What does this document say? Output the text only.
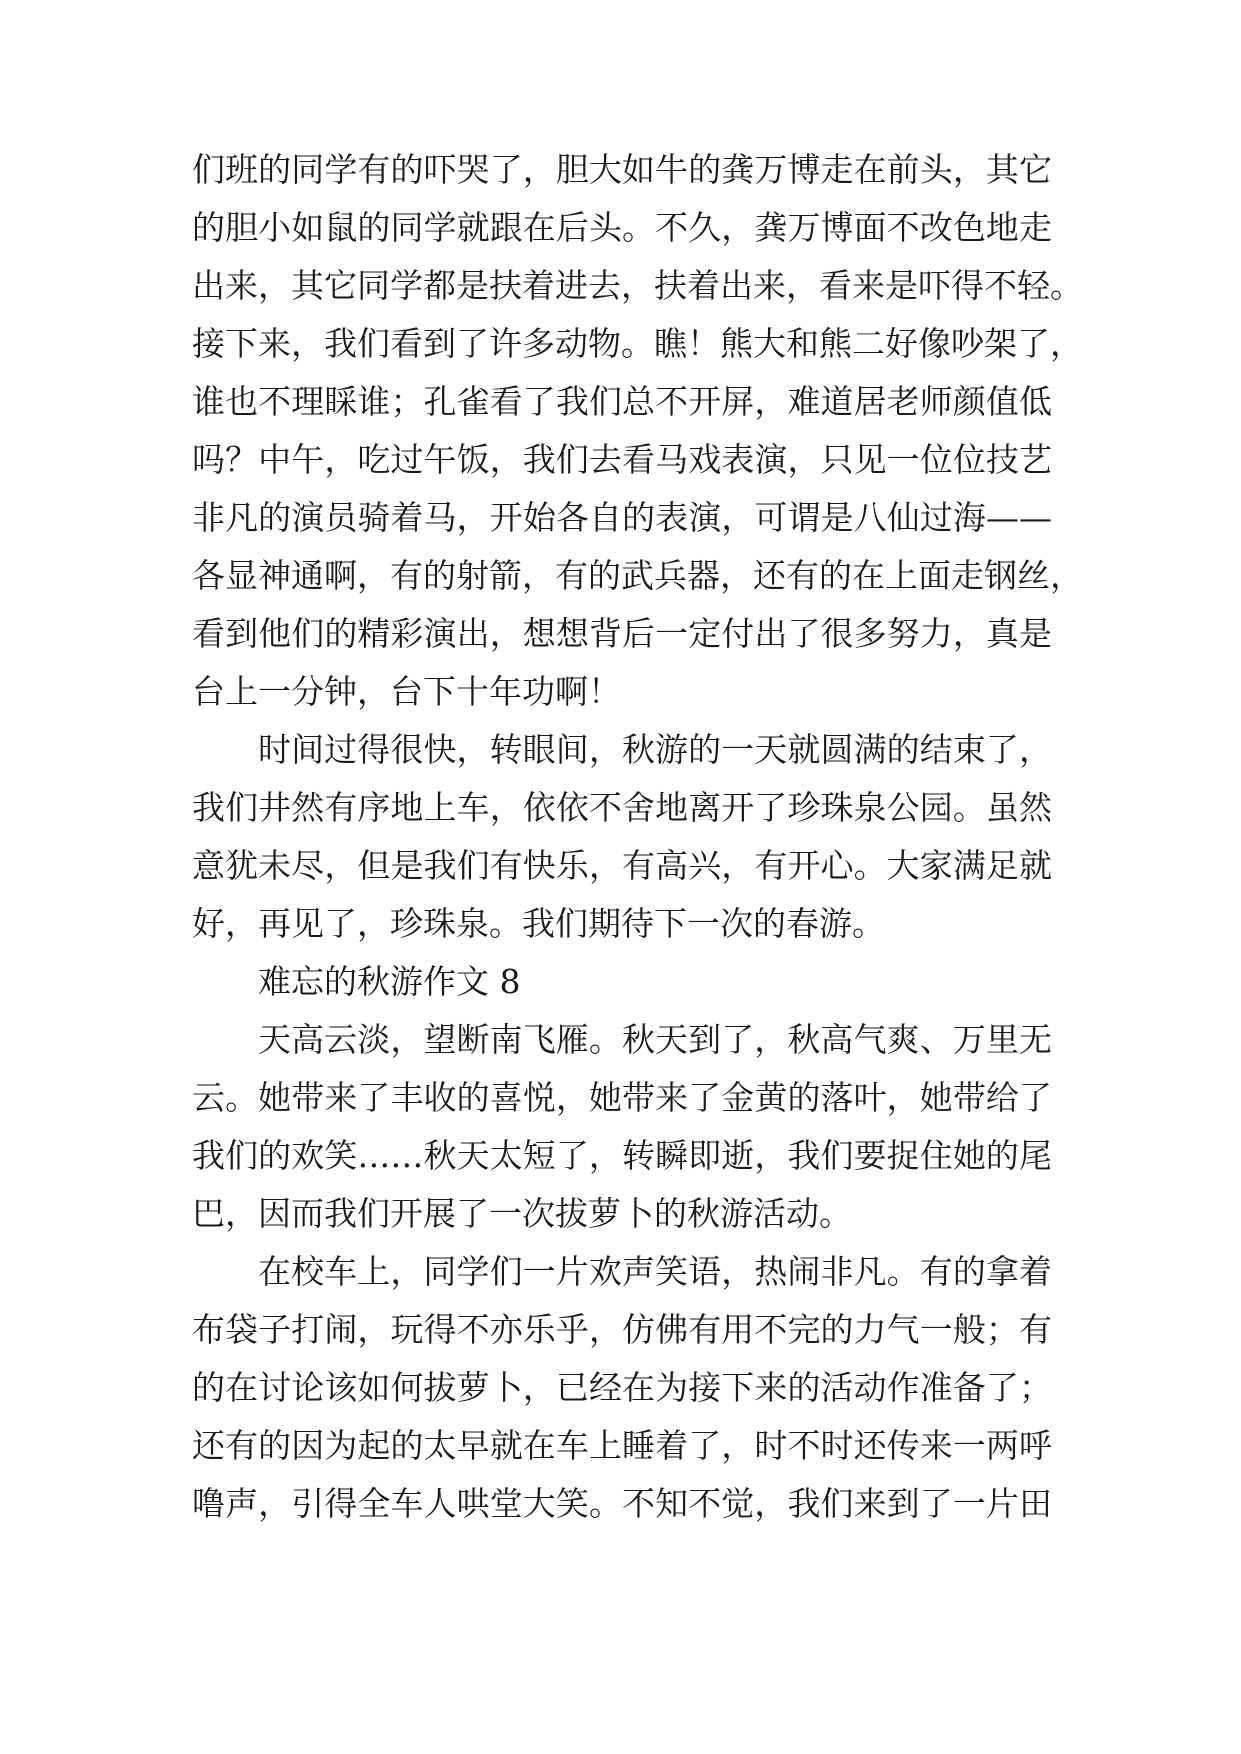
们班的同学有的吓哭了，胆大如牛的龚万博走在前头，其它
的胆小如鼠的同学就跟在后头。不久，龚万博面不改色地走
出来，其它同学都是扶着进去，扶着出来，看来是吓得不轻。
接下来，我们看到了许多动物。瞧！熊大和熊二好像吵架了，
谁也不理睬谁；孔雀看了我们总不开屏，难道居老师颜值低
吗？中午，吃过午饭，我们去看马戏表演，只见一位位技艺
非凡的演员骑着马，开始各自的表演，可谓是八仙过海——
各显神通啊，有的射箭，有的武兵器，还有的在上面走钢丝，
看到他们的精彩演出，想想背后一定付出了很多努力，真是
台上一分钟，台下十年功啊！
时间过得很快，转眼间，秋游的一天就圆满的结束了，
我们井然有序地上车，依依不舍地离开了珍珠泉公园。虽然
意犹未尽，但是我们有快乐，有高兴，有开心。大家满足就
好，再见了，珍珠泉。我们期待下一次的春游。
难忘的秋游作文 8
天高云淡，望断南飞雁。秋天到了，秋高气爽、万里无
云。她带来了丰收的喜悦，她带来了金黄的落叶，她带给了
我们的欢笑……秋天太短了，转瞬即逝，我们要捉住她的尾
巴，因而我们开展了一次拔萝卜的秋游活动。
在校车上，同学们一片欢声笑语，热闹非凡。有的拿着
布袋子打闹，玩得不亦乐乎，仿佛有用不完的力气一般；有
的在讨论该如何拔萝卜，已经在为接下来的活动作准备了；
还有的因为起的太早就在车上睡着了，时不时还传来一两呼
噜声，引得全车人哄堂大笑。不知不觉，我们来到了一片田
